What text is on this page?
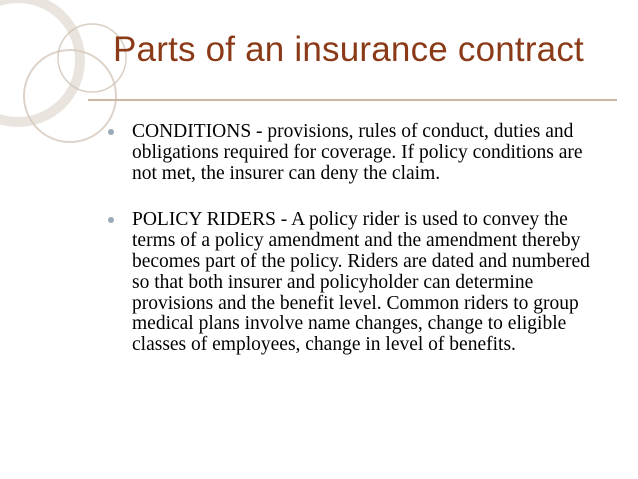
Parts of an insurance contract
CONDITIONS - provisions, rules of conduct, duties and obligations required for coverage. If policy conditions are not met, the insurer can deny the claim.
POLICY RIDERS - A policy rider is used to convey the terms of a policy amendment and the amendment thereby becomes part of the policy. Riders are dated and numbered so that both insurer and policyholder can determine provisions and the benefit level. Common riders to group medical plans involve name changes, change to eligible classes of employees, change in level of benefits.
